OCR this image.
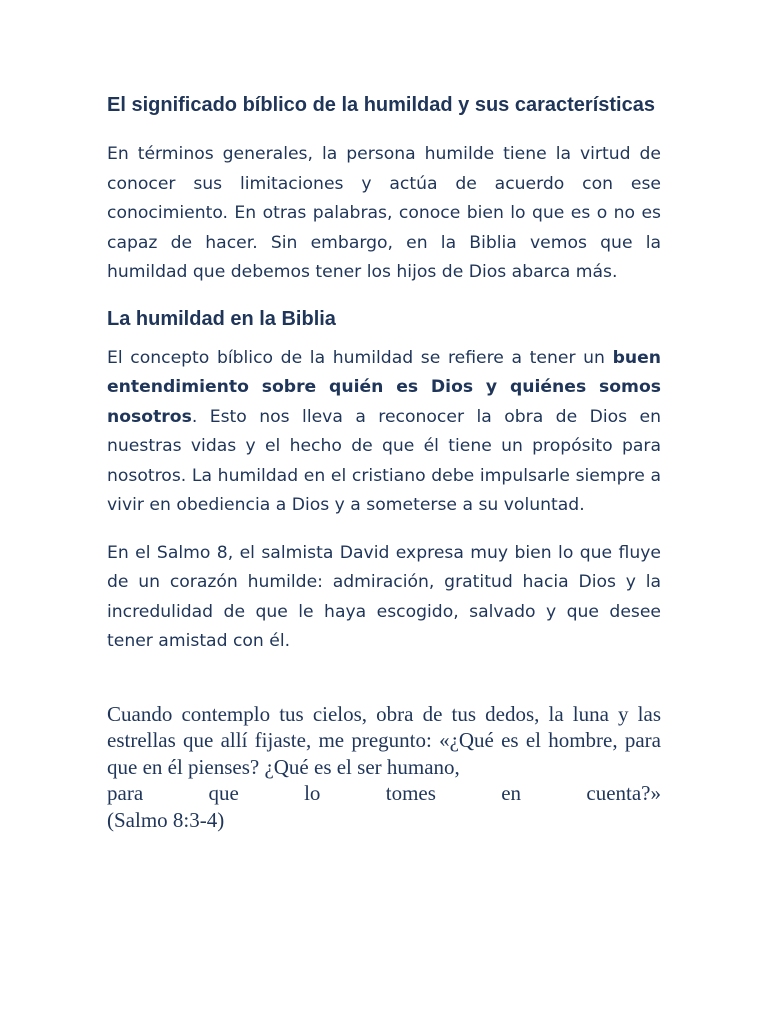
El significado bíblico de la humildad y sus características

En términos generales, la persona humilde tiene la virtud de conocer sus limitaciones y actúa de acuerdo con ese conocimiento. En otras palabras, conoce bien lo que es o no es capaz de hacer. Sin embargo, en la Biblia vemos que la humildad que debemos tener los hijos de Dios abarca más.

La humildad en la Biblia

El concepto bíblico de la humildad se refiere a tener un buen entendimiento sobre quién es Dios y quiénes somos nosotros. Esto nos lleva a reconocer la obra de Dios en nuestras vidas y el hecho de que él tiene un propósito para nosotros. La humildad en el cristiano debe impulsarle siempre a vivir en obediencia a Dios y a someterse a su voluntad.

En el Salmo 8, el salmista David expresa muy bien lo que fluye de un corazón humilde: admiración, gratitud hacia Dios y la incredulidad de que le haya escogido, salvado y que desee tener amistad con él.

Cuando contemplo tus cielos, obra de tus dedos, la luna y las estrellas que allí fijaste, me pregunto: «¿Qué es el hombre, para que en él pienses? ¿Qué es el ser humano,
para que lo tomes en cuenta?»
(Salmo 8:3-4)
